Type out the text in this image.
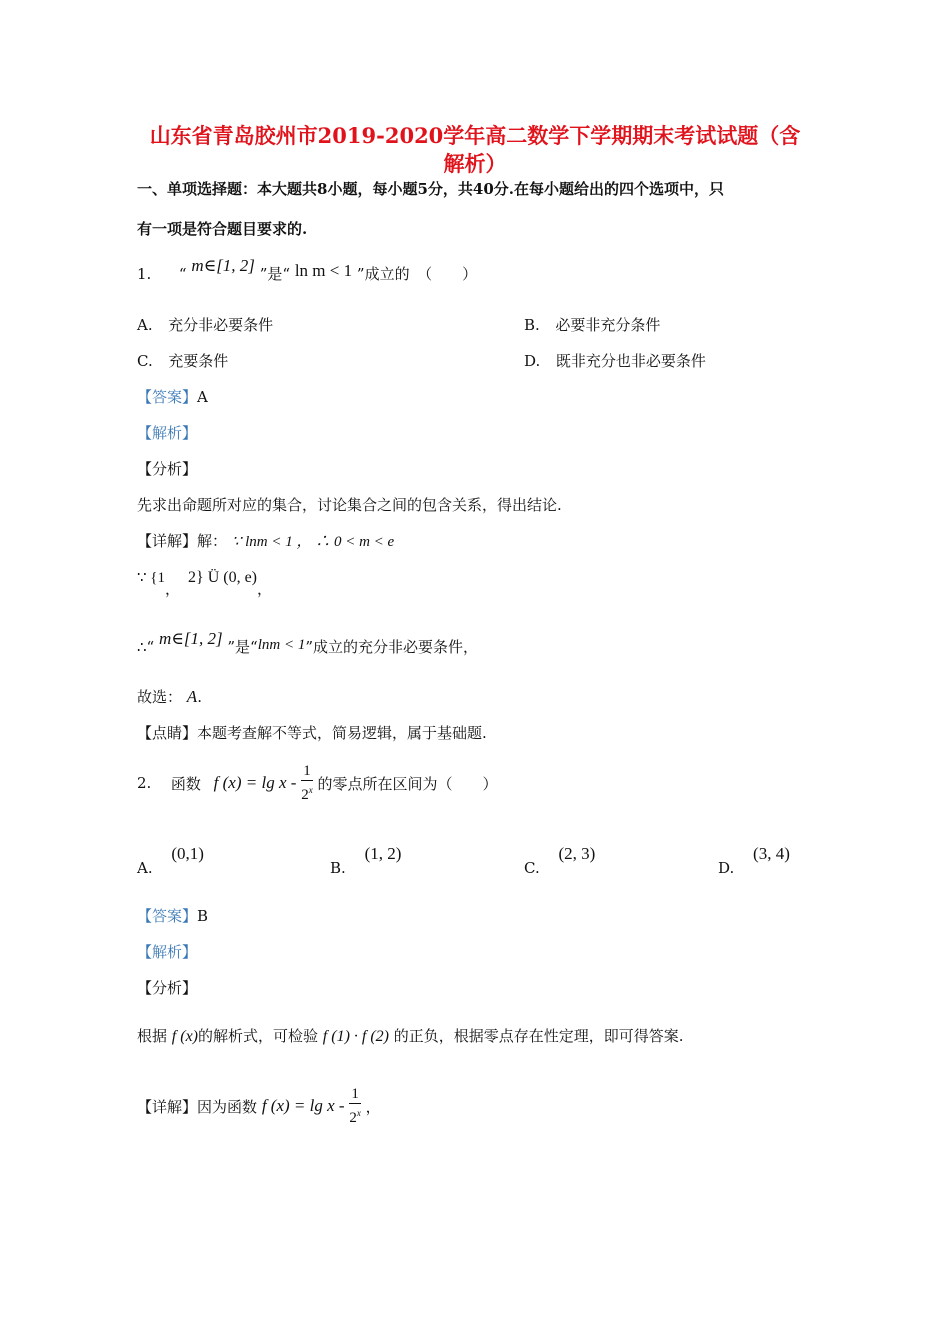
山东省青岛胶州市2019-2020学年高二数学下学期期末考试试题（含
解析）
一、单项选择题：本大题共8小题，每小题5分，共40分.在每小题给出的四个选项中，只
有一项是符合题目要求的.
1. “ m∈[1, 2] ”是“ ln m < 1 ”成立的　（　　）
A. 充分非必要条件	B. 必要非充分条件
C. 充要条件	D. 既非充分也非必要条件
【答案】A
【解析】
【分析】
先求出命题所对应的集合，讨论集合之间的包含关系，得出结论.
【详解】解： ∵ lnm < 1 ， ∴ 0 < m < e
∵ {1，2} Ü (0, e)，
∴“ m∈[1, 2] ”是“lnm < 1”成立的充分非必要条件，
故选： A.
【点睛】本题考查解不等式，简易逻辑，属于基础题.
2. 函数 f $(x) = \lg x - \frac{1}{2^x}$ 的零点所在区间为（　　）
A. (0,1)
B. (1, 2)
C. (2, 3)
D. (3, 4)
【答案】B
【解析】
【分析】
根据 f (x)的解析式，可检验 f (1) · f (2) 的正负，根据零点存在性定理，即可得答案.
【详解】因为函数 f $(x) = \lg x - \frac{1}{2^x}$ ，
